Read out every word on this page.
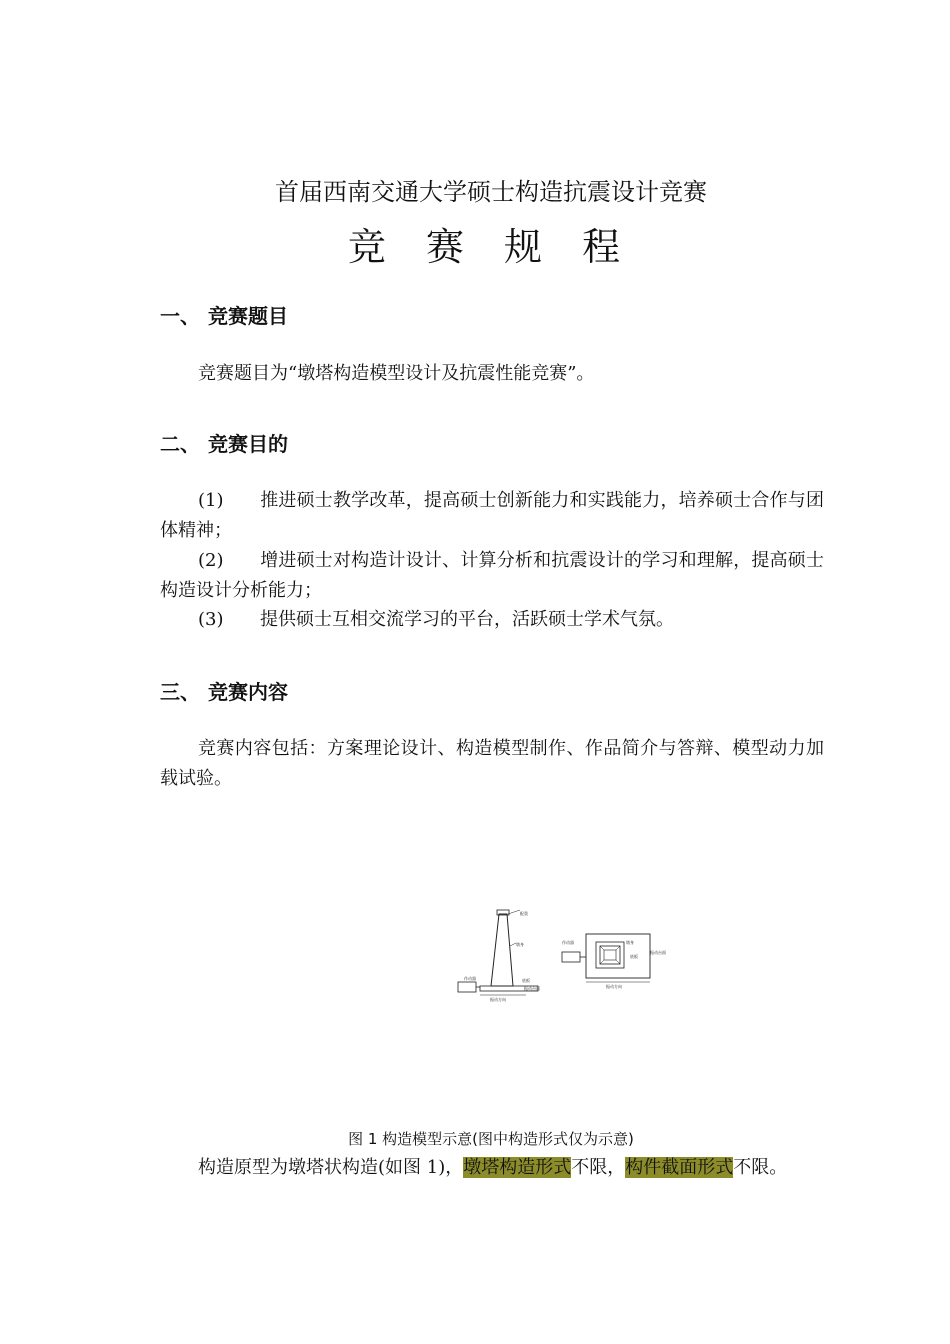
首届西南交通大学硕士构造抗震设计竞赛
竞 赛 规 程
一、 竞赛题目
竞赛题目为“墩塔构造模型设计及抗震性能竞赛”。
二、 竞赛目的
(1) 推进硕士教学改革，提高硕士创新能力和实践能力，培养硕士合作与团体精神；
(2) 增进硕士对构造计设计、计算分析和抗震设计的学习和理解，提高硕士构造设计分析能力；
(3) 提供硕士互相交流学习的平台，活跃硕士学术气氛。
三、 竞赛内容
竞赛内容包括：方案理论设计、构造模型制作、作品简介与答辩、模型动力加载试验。
配重
墩身
作动器	底板
振动台面
振动方向
作动器	墩身
振动台面
底板
振动方向
图 1 构造模型示意(图中构造形式仅为示意)
构造原型为墩塔状构造(如图 1)，墩塔构造形式不限，构件截面形式不限。
